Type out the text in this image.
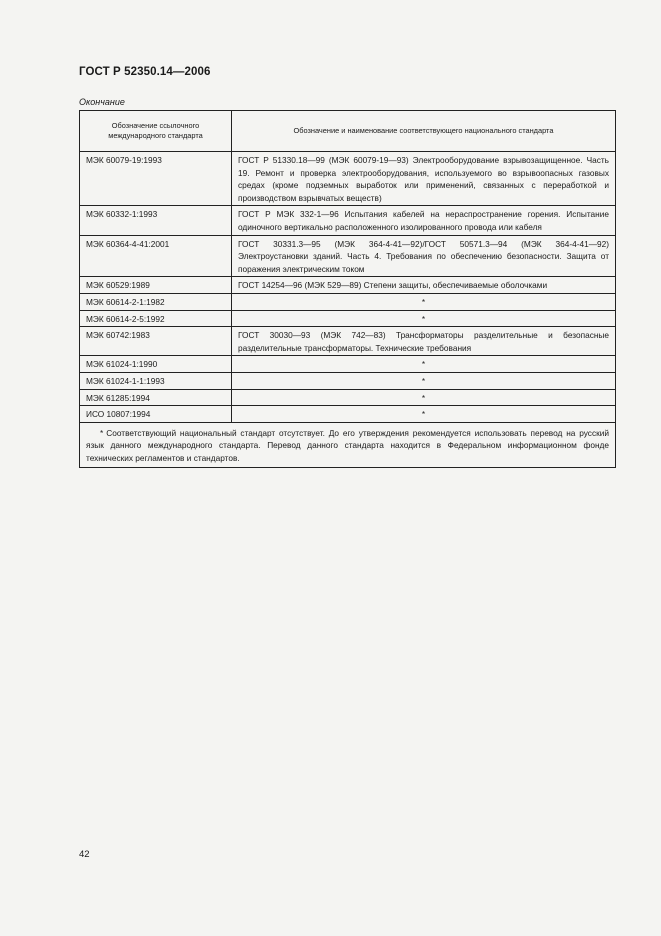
ГОСТ Р 52350.14—2006
Окончание
Обозначение ссылочного международного стандарта	Обозначение и наименование соответствующего национального стандарта
МЭК 60079-19:1993	ГОСТ Р 51330.18—99 (МЭК 60079-19—93) Электрооборудование взрывозащищенное. Часть 19. Ремонт и проверка электрооборудования, используемого во взрывоопасных газовых средах (кроме подземных выработок или применений, связанных с переработкой и производством взрывчатых веществ)
МЭК 60332-1:1993	ГОСТ Р МЭК 332-1—96 Испытания кабелей на нераспространение горения. Испытание одиночного вертикально расположенного изолированного провода или кабеля
МЭК 60364-4-41:2001	ГОСТ 30331.3—95 (МЭК 364-4-41—92)/ГОСТ 50571.3—94 (МЭК 364-4-41—92) Электроустановки зданий. Часть 4. Требования по обеспечению безопасности. Защита от поражения электрическим током
МЭК 60529:1989	ГОСТ 14254—96 (МЭК 529—89) Степени защиты, обеспечиваемые оболочками
МЭК 60614-2-1:1982	*
МЭК 60614-2-5:1992	*
МЭК 60742:1983	ГОСТ 30030—93 (МЭК 742—83) Трансформаторы разделительные и безопасные разделительные трансформаторы. Технические требования
МЭК 61024-1:1990	*
МЭК 61024-1-1:1993	*
МЭК 61285:1994	*
ИСО 10807:1994	*
* Соответствующий национальный стандарт отсутствует. До его утверждения рекомендуется использовать перевод на русский язык данного международного стандарта. Перевод данного стандарта находится в Федеральном информационном фонде технических регламентов и стандартов.	
42
